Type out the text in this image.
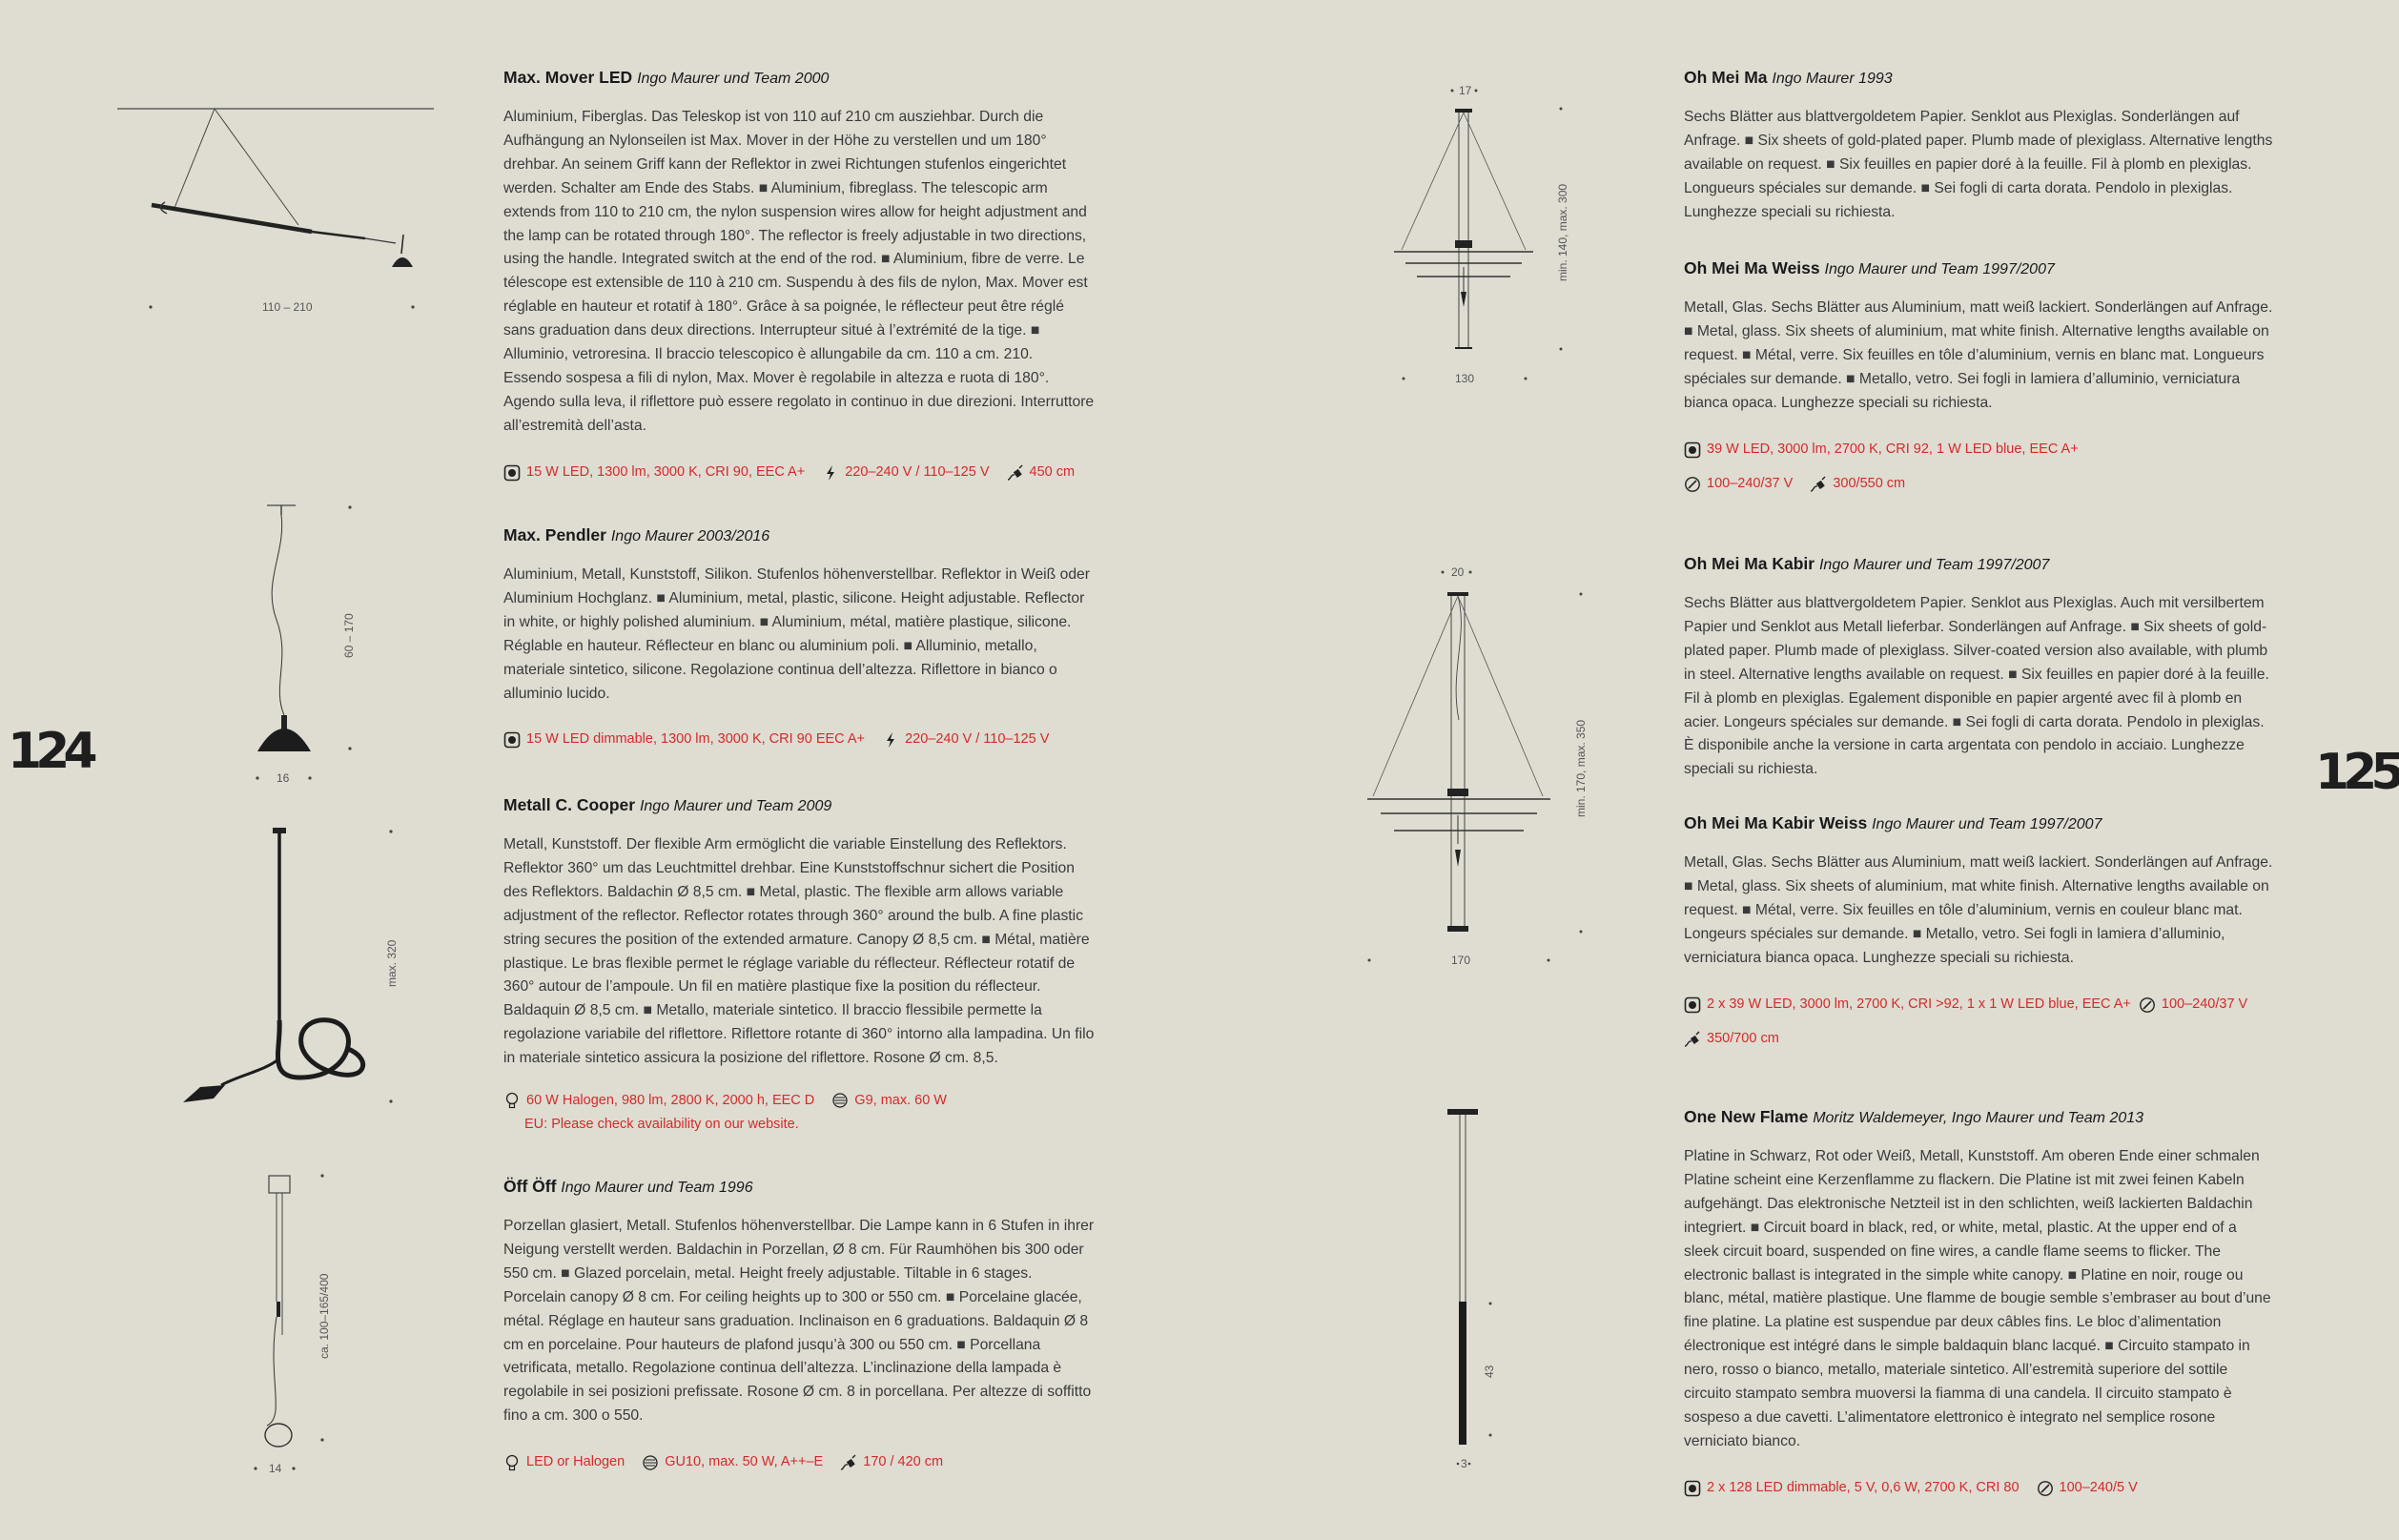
124	125
110 – 210
60 – 170
16
max. 320
ca. 100–165/400
14
17
min. 140, max. 300
130
20
min. 170, max. 350
170
43
3
Max. Mover LED Ingo Maurer und Team 2000

Aluminium, Fiberglas. Das Teleskop ist von 110 auf 210 cm ausziehbar. Durch die Aufhängung an Nylonseilen ist Max. Mover in der Höhe zu verstellen und um 180° drehbar. An seinem Griff kann der Reflektor in zwei Richtungen stufenlos eingerichtet werden. Schalter am Ende des Stabs. ■ Aluminium, fibreglass. The telescopic arm extends from 110 to 210 cm, the nylon suspension wires allow for height adjustment and the lamp can be rotated through 180°. The reflector is freely adjustable in two directions, using the handle. Integrated switch at the end of the rod. ■ Aluminium, fibre de verre. Le télescope est extensible de 110 à 210 cm. Suspendu à des fils de nylon, Max. Mover est réglable en hauteur et rotatif à 180°. Grâce à sa poignée, le réflecteur peut être réglé sans graduation dans deux directions. Interrupteur situé à l’extrémité de la tige. ■ Alluminio, vetroresina. Il braccio telescopico è allungabile da cm. 110 a cm. 210. Essendo sospesa a fili di nylon, Max. Mover è regolabile in altezza e ruota di 180°. Agendo sulla leva, il riflettore può essere regolato in continuo in due direzioni. Interruttore all’estremità dell’asta.

15 W LED, 1300 lm, 3000 K, CRI 90, EEC A+
	220–240 V / 110–125 V
	450 cm
Max. Pendler Ingo Maurer 2003/2016

Aluminium, Metall, Kunststoff, Silikon. Stufenlos höhenverstellbar. Reflektor in Weiß oder Aluminium Hochglanz. ■ Aluminium, metal, plastic, silicone. Height adjustable. Reflector in white, or highly polished aluminium. ■ Aluminium, métal, matière plastique, silicone. Réglable en hauteur. Réflecteur en blanc ou aluminium poli. ■ Alluminio, metallo, materiale sintetico, silicone. Regolazione continua dell’altezza. Riflettore in bianco o alluminio lucido.

15 W LED dimmable, 1300 lm, 3000 K, CRI 90 EEC A+
	220–240 V / 110–125 V
Metall C. Cooper Ingo Maurer und Team 2009

Metall, Kunststoff. Der flexible Arm ermöglicht die variable Einstellung des Reflektors. Reflektor 360° um das Leuchtmittel drehbar. Eine Kunststoffschnur sichert die Position des Reflektors. Baldachin Ø 8,5 cm. ■ Metal, plastic. The flexible arm allows variable adjustment of the reflector. Reflector rotates through 360° around the bulb. A fine plastic string secures the position of the extended armature. Canopy Ø 8,5 cm. ■ Métal, matière plastique. Le bras flexible permet le réglage variable du réflecteur. Réflecteur rotatif de 360° autour de l’ampoule. Un fil en matière plastique fixe la position du réflecteur. Baldaquin Ø 8,5 cm. ■ Metallo, materiale sintetico. Il braccio flessibile permette la regolazione variabile del riflettore. Riflettore rotante di 360° intorno alla lampadina. Un filo in materiale sintetico assicura la posizione del riflettore. Rosone Ø cm. 8,5.

60 W Halogen, 980 lm, 2800 K, 2000 h, EEC D
	G9, max. 60 W
EU: Please check availability on our website.
Öff Öff Ingo Maurer und Team 1996

Porzellan glasiert, Metall. Stufenlos höhenverstellbar. Die Lampe kann in 6 Stufen in ihrer Neigung verstellt werden. Baldachin in Porzellan, Ø 8 cm. Für Raumhöhen bis 300 oder 550 cm. ■ Glazed porcelain, metal. Height freely adjustable. Tiltable in 6 stages. Porcelain canopy Ø 8 cm. For ceiling heights up to 300 or 550 cm. ■ Porcelaine glacée, métal. Réglage en hauteur sans graduation. Inclinaison en 6 graduations. Baldaquin Ø 8 cm en porcelaine. Pour hauteurs de plafond jusqu’à 300 ou 550 cm. ■ Porcellana vetrificata, metallo. Regolazione continua dell’altezza. L’inclinazione della lampada è regolabile in sei posizioni prefissate. Rosone Ø cm. 8 in porcellana. Per altezze di soffitto fino a cm. 300 o 550.

LED or Halogen
	GU10, max. 50 W, A++–E
	170 / 420 cm
Oh Mei Ma Ingo Maurer 1993

Sechs Blätter aus blattvergoldetem Papier. Senklot aus Plexiglas. Sonderlängen auf Anfrage. ■ Six sheets of gold-plated paper. Plumb made of plexiglass. Alternative lengths available on request. ■ Six feuilles en papier doré à la feuille. Fil à plomb en plexiglas. Longueurs spéciales sur demande. ■ Sei fogli di carta dorata. Pendolo in plexiglas. Lunghezze speciali su richiesta.

Oh Mei Ma Weiss Ingo Maurer und Team 1997/2007

Metall, Glas. Sechs Blätter aus Aluminium, matt weiß lackiert. Sonderlängen auf Anfrage. ■ Metal, glass. Six sheets of aluminium, mat white finish. Alternative lengths available on request. ■ Métal, verre. Six feuilles en tôle d’aluminium, vernis en blanc mat. Longueurs spéciales sur demande. ■ Metallo, vetro. Sei fogli in lamiera d’alluminio, verniciatura bianca opaca. Lunghezze speciali su richiesta.

39 W LED, 3000 lm, 2700 K, CRI 92, 1 W LED blue, EEC A+

100–240/37 V
	300/550 cm
Oh Mei Ma Kabir Ingo Maurer und Team 1997/2007

Sechs Blätter aus blattvergoldetem Papier. Senklot aus Plexiglas. Auch mit versilbertem Papier und Senklot aus Metall lieferbar. Sonderlängen auf Anfrage. ■ Six sheets of gold-plated paper. Plumb made of plexiglass. Silver-coated version also available, with plumb in steel. Alternative lengths available on request. ■ Six feuilles en papier doré à la feuille. Fil à plomb en plexiglas. Egalement disponible en papier argenté avec fil à plomb en acier. Longeurs spéciales sur demande. ■ Sei fogli di carta dorata. Pendolo in plexiglas. È disponibile anche la versione in carta argentata con pendolo in acciaio. Lunghezze speciali su richiesta.

Oh Mei Ma Kabir Weiss Ingo Maurer und Team 1997/2007

Metall, Glas. Sechs Blätter aus Aluminium, matt weiß lackiert. Sonderlängen auf Anfrage. ■ Metal, glass. Six sheets of aluminium, mat white finish. Alternative lengths available on request. ■ Métal, verre. Six feuilles en tôle d’aluminium, vernis en couleur blanc mat. Longeurs spéciales sur demande. ■ Metallo, vetro. Sei fogli in lamiera d’alluminio, verniciatura bianca opaca. Lunghezze speciali su richiesta.

2 x 39 W LED, 3000 lm, 2700 K, CRI >92, 1 x 1 W LED blue, EEC A+
100–240/37 V

350/700 cm
One New Flame Moritz Waldemeyer, Ingo Maurer und Team 2013

Platine in Schwarz, Rot oder Weiß, Metall, Kunststoff. Am oberen Ende einer schmalen Platine scheint eine Kerzenflamme zu flackern. Die Platine ist mit zwei feinen Kabeln aufgehängt. Das elektronische Netzteil ist in den schlichten, weiß lackierten Baldachin integriert. ■ Circuit board in black, red, or white, metal, plastic. At the upper end of a sleek circuit board, suspended on fine wires, a candle flame seems to flicker. The electronic ballast is integrated in the simple white canopy. ■ Platine en noir, rouge ou blanc, métal, matière plastique. Une flamme de bougie semble s’embraser au bout d’une fine platine. La platine est suspendue par deux câbles fins. Le bloc d’alimentation électronique est intégré dans le simple baldaquin blanc lacqué. ■ Circuito stampato in nero, rosso o bianco, metallo, materiale sintetico. All’estremità superiore del sottile circuito stampato sembra muoversi la fiamma di una candela. Il circuito stampato è sospeso a due cavetti. L’alimentatore elettronico è integrato nel semplice rosone verniciato bianco.

2 x 128 LED dimmable, 5 V, 0,6 W, 2700 K, CRI 80
	100–240/5 V
